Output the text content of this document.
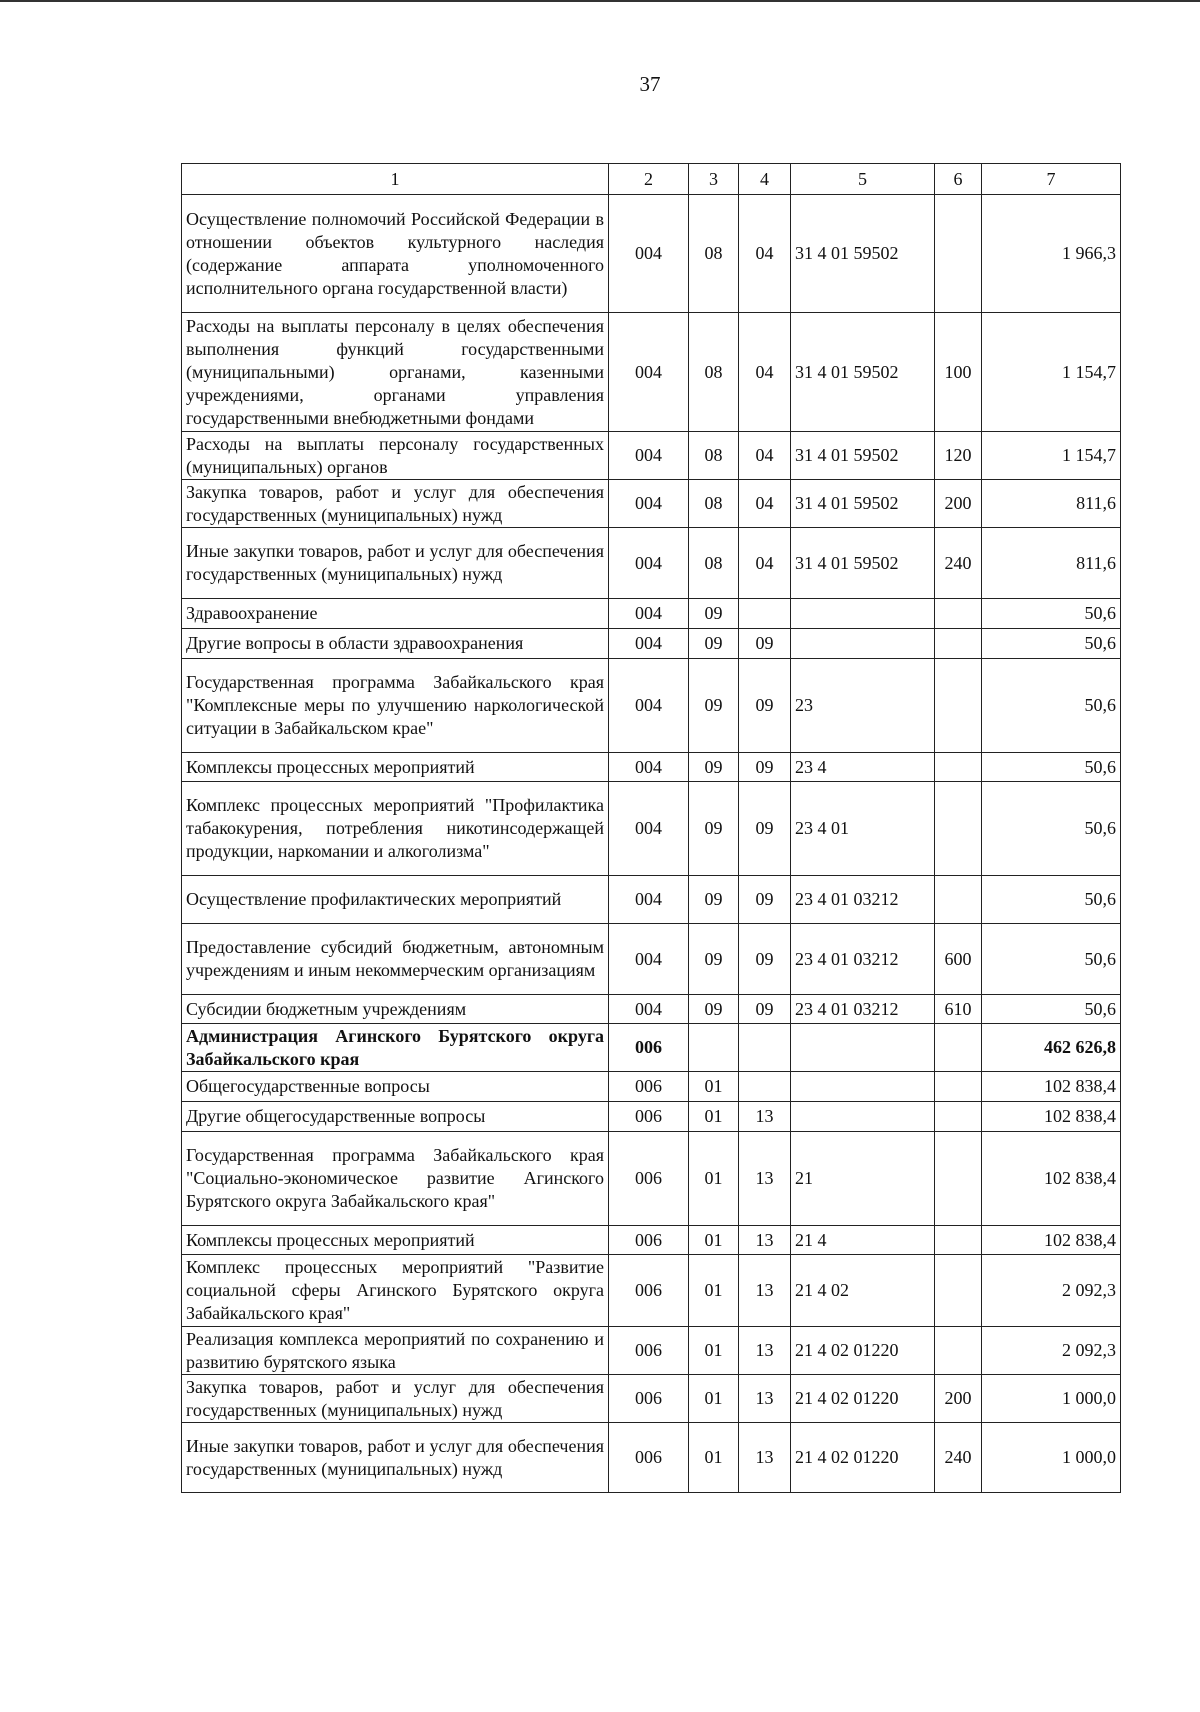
37
1	2	3	4	5	6	7
Осуществление полномочий Российской Федерации в отношении объектов культурного наследия (содержание аппарата уполномоченного исполнительного органа государственной власти)	004	08	04	31 4 01 59502		1 966,3
Расходы на выплаты персоналу в целях обеспечения выполнения функций государственными (муниципальными) органами, казенными учреждениями, органами управления государственными внебюджетными фондами	004	08	04	31 4 01 59502	100	1 154,7
Расходы на выплаты персоналу государственных (муниципальных) органов	004	08	04	31 4 01 59502	120	1 154,7
Закупка товаров, работ и услуг для обеспечения государственных (муниципальных) нужд	004	08	04	31 4 01 59502	200	811,6
Иные закупки товаров, работ и услуг для обеспечения государственных (муниципальных) нужд	004	08	04	31 4 01 59502	240	811,6
Здравоохранение	004	09				50,6
Другие вопросы в области здравоохранения	004	09	09			50,6
Государственная программа Забайкальского края "Комплексные меры по улучшению наркологической ситуации в Забайкальском крае"	004	09	09	23		50,6
Комплексы процессных мероприятий	004	09	09	23 4		50,6
Комплекс процессных мероприятий "Профилактика табакокурения, потребления никотинсодержащей продукции, наркомании и алкоголизма"	004	09	09	23 4 01		50,6
Осуществление профилактических мероприятий	004	09	09	23 4 01 03212		50,6
Предоставление субсидий бюджетным, автономным учреждениям и иным некоммерческим организациям	004	09	09	23 4 01 03212	600	50,6
Субсидии бюджетным учреждениям	004	09	09	23 4 01 03212	610	50,6
Администрация Агинского Бурятского округа Забайкальского края	006					462 626,8
Общегосударственные вопросы	006	01				102 838,4
Другие общегосударственные вопросы	006	01	13			102 838,4
Государственная программа Забайкальского края "Социально-экономическое развитие Агинского Бурятского округа Забайкальского края"	006	01	13	21		102 838,4
Комплексы процессных мероприятий	006	01	13	21 4		102 838,4
Комплекс процессных мероприятий "Развитие социальной сферы Агинского Бурятского округа Забайкальского края"	006	01	13	21 4 02		2 092,3
Реализация комплекса мероприятий по сохранению и развитию бурятского языка	006	01	13	21 4 02 01220		2 092,3
Закупка товаров, работ и услуг для обеспечения государственных (муниципальных) нужд	006	01	13	21 4 02 01220	200	1 000,0
Иные закупки товаров, работ и услуг для обеспечения государственных (муниципальных) нужд	006	01	13	21 4 02 01220	240	1 000,0
